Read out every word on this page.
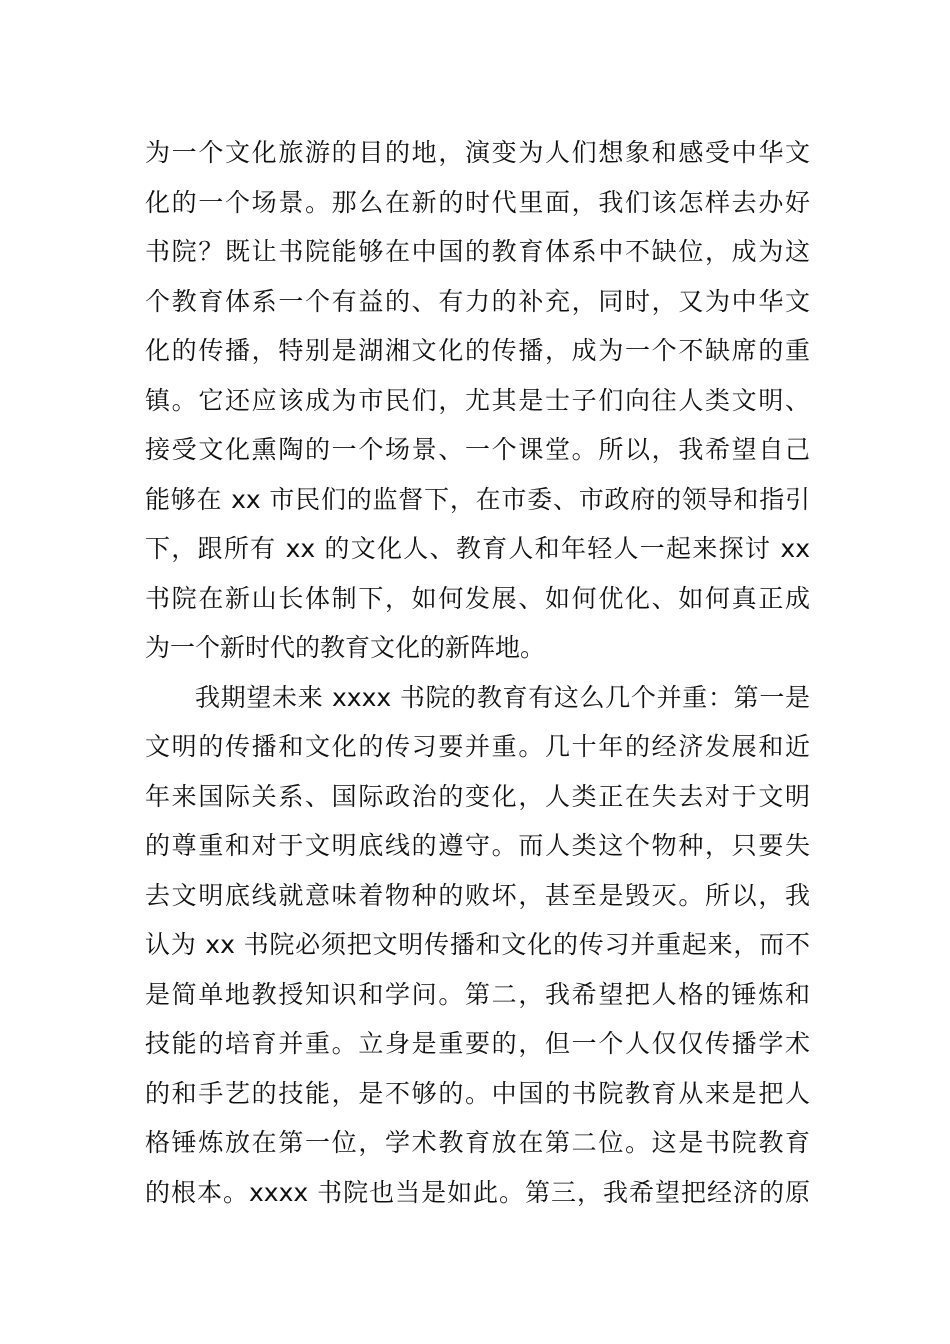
为一个文化旅游的目的地，演变为人们想象和感受中华文
化的一个场景。那么在新的时代里面，我们该怎样去办好
书院？既让书院能够在中国的教育体系中不缺位，成为这
个教育体系一个有益的、有力的补充，同时，又为中华文
化的传播，特别是湖湘文化的传播，成为一个不缺席的重
镇。它还应该成为市民们，尤其是士子们向往人类文明、
接受文化熏陶的一个场景、一个课堂。所以，我希望自己
能够在 xx 市民们的监督下，在市委、市政府的领导和指引
下，跟所有 xx 的文化人、教育人和年轻人一起来探讨 xx
书院在新山长体制下，如何发展、如何优化、如何真正成
为一个新时代的教育文化的新阵地。
我期望未来 xxxx 书院的教育有这么几个并重：第一是
文明的传播和文化的传习要并重。几十年的经济发展和近
年来国际关系、国际政治的变化，人类正在失去对于文明
的尊重和对于文明底线的遵守。而人类这个物种，只要失
去文明底线就意味着物种的败坏，甚至是毁灭。所以，我
认为 xx 书院必须把文明传播和文化的传习并重起来，而不
是简单地教授知识和学问。第二，我希望把人格的锤炼和
技能的培育并重。立身是重要的，但一个人仅仅传播学术
的和手艺的技能，是不够的。中国的书院教育从来是把人
格锤炼放在第一位，学术教育放在第二位。这是书院教育
的根本。xxxx 书院也当是如此。第三，我希望把经济的原
